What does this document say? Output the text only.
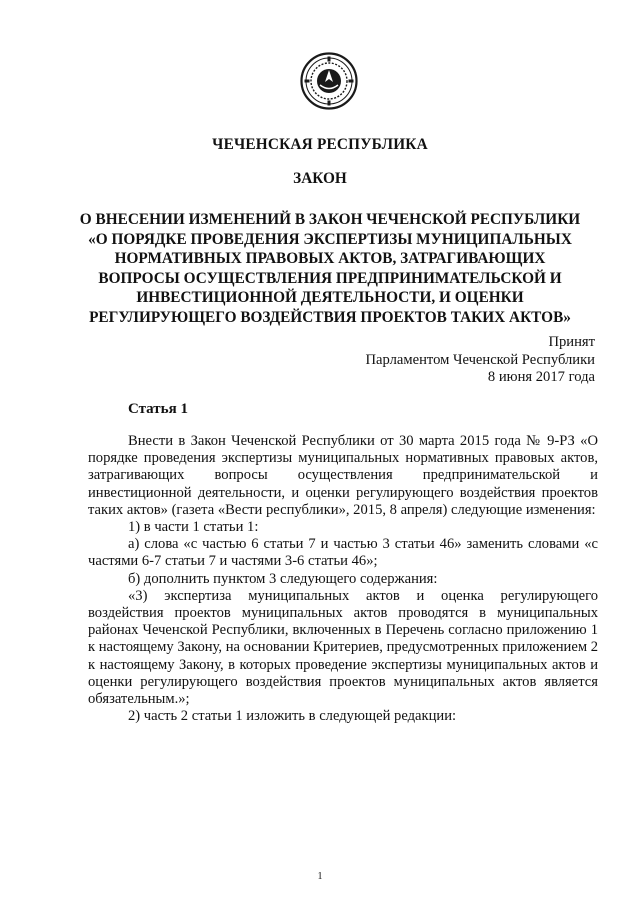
ЧЕЧЕНСКАЯ РЕСПУБЛИКА
ЗАКОН
О ВНЕСЕНИИ ИЗМЕНЕНИЙ В ЗАКОН ЧЕЧЕНСКОЙ РЕСПУБЛИКИ
«О ПОРЯДКЕ ПРОВЕДЕНИЯ ЭКСПЕРТИЗЫ МУНИЦИПАЛЬНЫХ
НОРМАТИВНЫХ ПРАВОВЫХ АКТОВ, ЗАТРАГИВАЮЩИХ
ВОПРОСЫ ОСУЩЕСТВЛЕНИЯ ПРЕДПРИНИМАТЕЛЬСКОЙ И
ИНВЕСТИЦИОННОЙ ДЕЯТЕЛЬНОСТИ, И ОЦЕНКИ
РЕГУЛИРУЮЩЕГО ВОЗДЕЙСТВИЯ ПРОЕКТОВ ТАКИХ АКТОВ»
Принят
Парламентом Чеченской Республики
8 июня 2017 года
Статья 1

Внести в Закон Чеченской Республики от 30 марта 2015 года № 9-РЗ «О порядке проведения экспертизы муниципальных нормативных правовых актов, затрагивающих вопросы осуществления предпринимательской и инвестиционной деятельности, и оценки регулирующего воздействия проектов таких актов» (газета «Вести республики», 2015, 8 апреля) следующие изменения:

1) в части 1 статьи 1:

а) слова «с частью 6 статьи 7 и частью 3 статьи 46» заменить словами «с частями 6-7 статьи 7 и частями 3-6 статьи 46»;

б) дополнить пунктом 3 следующего содержания:

«3) экспертиза муниципальных актов и оценка регулирующего воздействия проектов муниципальных актов проводятся в муниципальных районах Чеченской Республики, включенных в Перечень согласно приложению 1 к настоящему Закону, на основании Критериев, предусмотренных приложением 2 к настоящему Закону, в которых проведение экспертизы муниципальных актов и оценки регулирующего воздействия проектов муниципальных актов является обязательным.»;

2) часть 2 статьи 1 изложить в следующей редакции:

1
